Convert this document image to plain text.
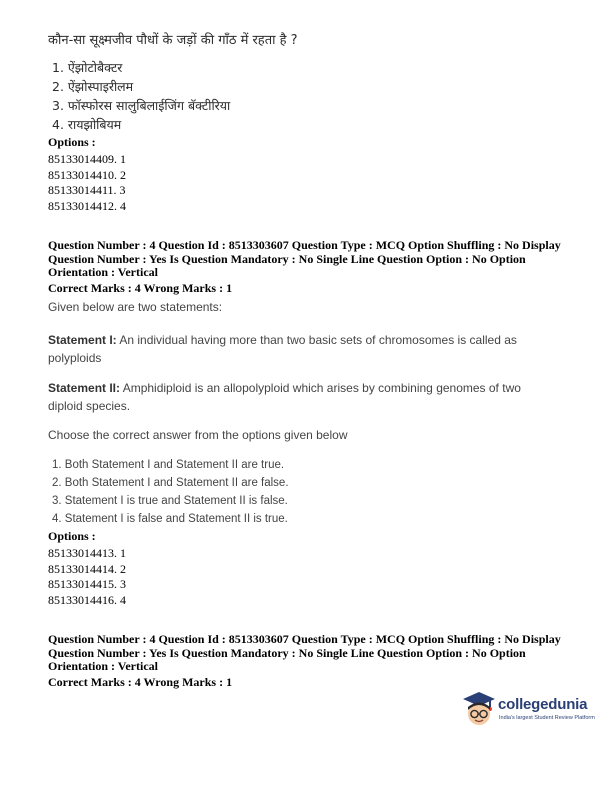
कौन-सा सूक्ष्मजीव पौधों के जड़ों की गाँठ में रहता है ?
1. ऐंझोटोबैक्टर
2. ऐंझोस्पाइरीलम
3. फॉस्फोरस सालुबिलाईजिंग बॅक्टीरिया
4. रायझोबियम
Options :
85133014409. 1
85133014410. 2
85133014411. 3
85133014412. 4
Question Number : 4 Question Id : 8513303607 Question Type : MCQ Option Shuffling : No Display
Question Number : Yes Is Question Mandatory : No Single Line Question Option : No Option
Orientation : Vertical
Correct Marks : 4 Wrong Marks : 1
Given below are two statements:
Statement I: An individual having more than two basic sets of chromosomes is called as
polyploids
Statement II: Amphidiploid is an allopolyploid which arises by combining genomes of two
diploid species.
Choose the correct answer from the options given below
1. Both Statement I and Statement II are true.
2. Both Statement I and Statement II are false.
3. Statement I is true and Statement II is false.
4. Statement I is false and Statement II is true.
Options :
85133014413. 1
85133014414. 2
85133014415. 3
85133014416. 4
Question Number : 4 Question Id : 8513303607 Question Type : MCQ Option Shuffling : No Display
Question Number : Yes Is Question Mandatory : No Single Line Question Option : No Option
Orientation : Vertical
Correct Marks : 4 Wrong Marks : 1
collegedunia
India's largest Student Review Platform
